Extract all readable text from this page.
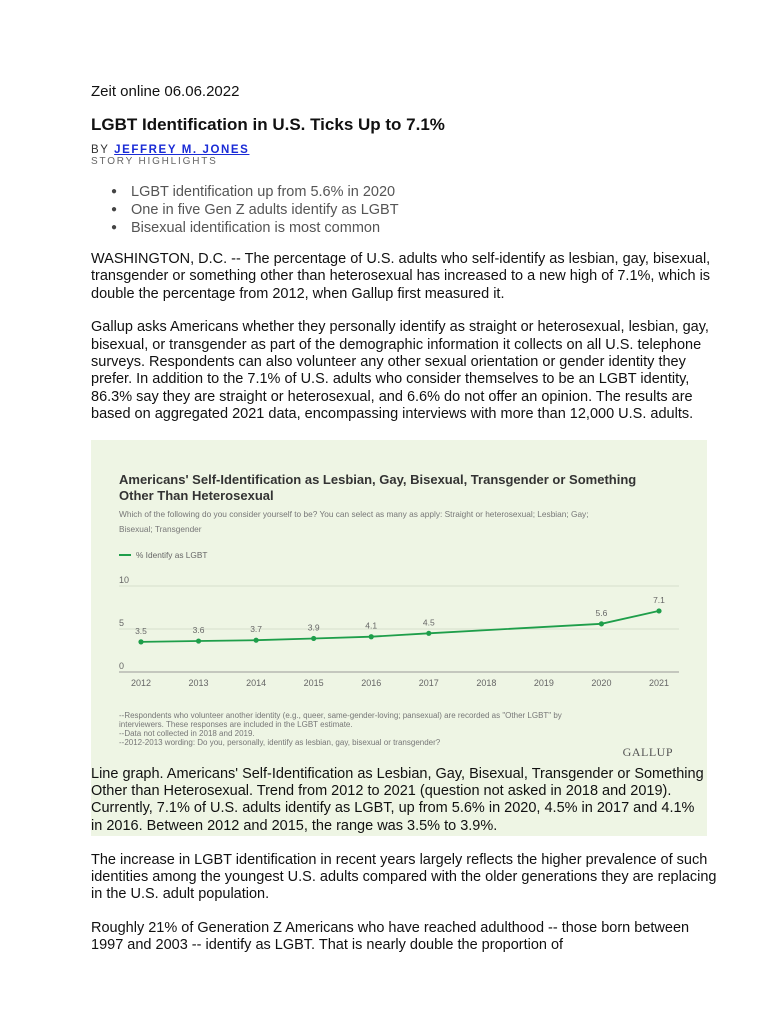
Zeit online 06.06.2022
LGBT Identification in U.S. Ticks Up to 7.1%
BY JEFFREY M. JONES
STORY HIGHLIGHTS
● LGBT identification up from 5.6% in 2020
● One in five Gen Z adults identify as LGBT
● Bisexual identification is most common

WASHINGTON, D.C. -- The percentage of U.S. adults who self-identify as lesbian, gay, bisexual, transgender or something other than heterosexual has increased to a new high of 7.1%, which is double the percentage from 2012, when Gallup first measured it.

Gallup asks Americans whether they personally identify as straight or heterosexual, lesbian, gay, bisexual, or transgender as part of the demographic information it collects on all U.S. telephone surveys. Respondents can also volunteer any other sexual orientation or gender identity they prefer. In addition to the 7.1% of U.S. adults who consider themselves to be an LGBT identity, 86.3% say they are straight or heterosexual, and 6.6% do not offer an opinion. The results are based on aggregated 2021 data, encompassing interviews with more than 12,000 U.S. adults.

Americans' Self-Identification as Lesbian, Gay, Bisexual, Transgender or Something
Other Than Heterosexual
Which of the following do you consider yourself to be? You can select as many as apply: Straight or heterosexual; Lesbian; Gay;
Bisexual; Transgender
% Identify as LGBT
0
5
10
2012	2013	2014	2015	2016	2017	2018	2019	2020	2021
3.5	3.6	3.7	3.9	4.1	4.5
5.6
7.1
--Respondents who volunteer another identity (e.g., queer, same-gender-loving; pansexual) are recorded as "Other LGBT" by
interviewers. These responses are included in the LGBT estimate.
--Data not collected in 2018 and 2019.
--2012-2013 wording: Do you, personally, identify as lesbian, gay, bisexual or transgender?
GALLUP
Line graph. Americans' Self-Identification as Lesbian, Gay, Bisexual, Transgender or Something Other than Heterosexual. Trend from 2012 to 2021 (question not asked in 2018 and 2019). Currently, 7.1% of U.S. adults identify as LGBT, up from 5.6% in 2020, 4.5% in 2017 and 4.1% in 2016. Between 2012 and 2015, the range was 3.5% to 3.9%.

The increase in LGBT identification in recent years largely reflects the higher prevalence of such identities among the youngest U.S. adults compared with the older generations they are replacing in the U.S. adult population.

Roughly 21% of Generation Z Americans who have reached adulthood -- those born between 1997 and 2003 -- identify as LGBT. That is nearly double the proportion of
